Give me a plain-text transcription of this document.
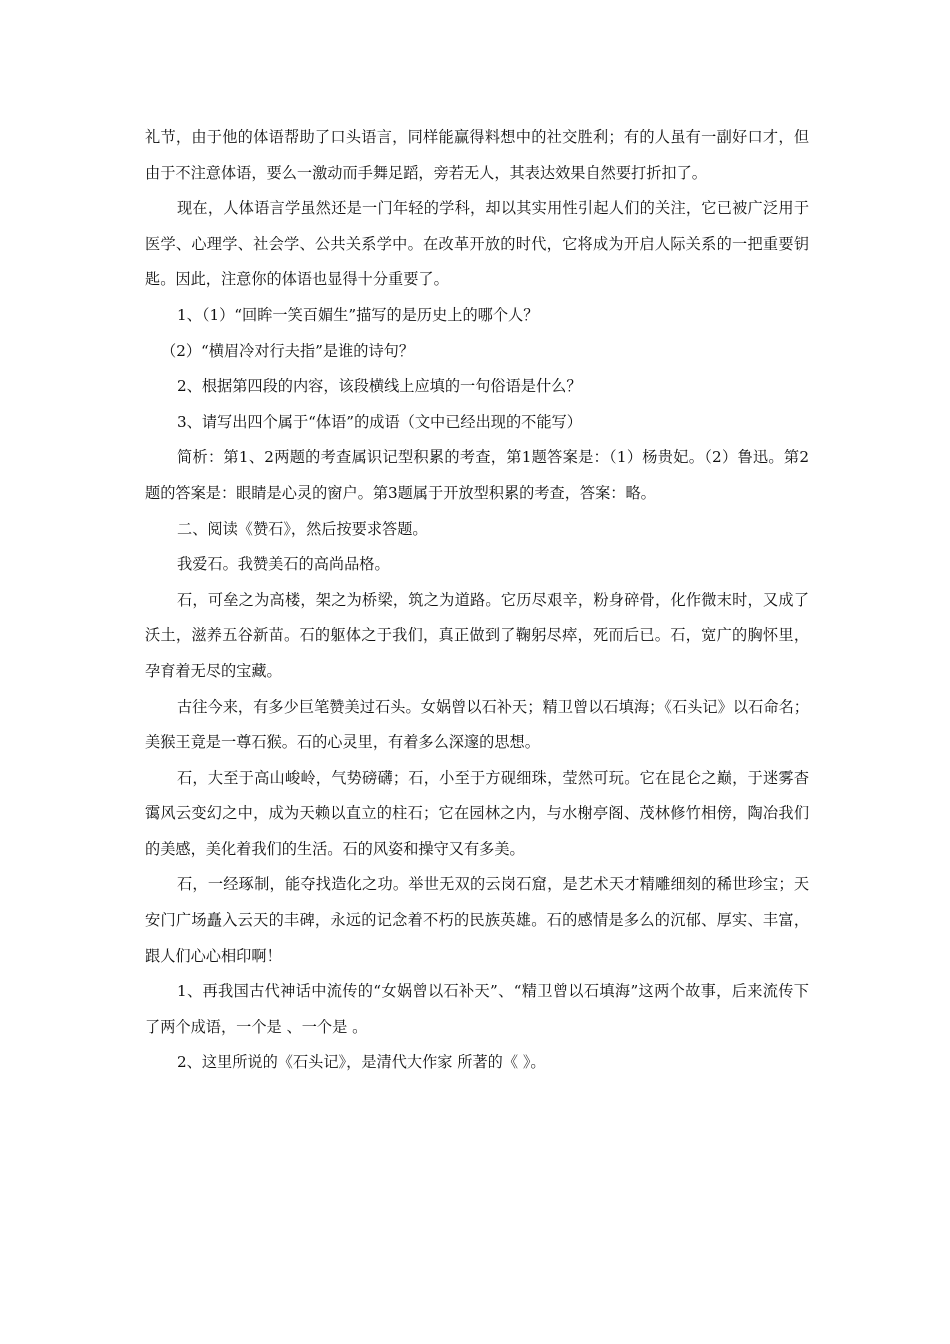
礼节，由于他的体语帮助了口头语言，同样能赢得料想中的社交胜利；有的人虽有一副好口才，但由于不注意体语，要么一激动而手舞足蹈，旁若无人，其表达效果自然要打折扣了。

现在，人体语言学虽然还是一门年轻的学科，却以其实用性引起人们的关注，它已被广泛用于医学、心理学、社会学、公共关系学中。在改革开放的时代，它将成为开启人际关系的一把重要钥匙。因此，注意你的体语也显得十分重要了。

1、（1）“回眸一笑百媚生”描写的是历史上的哪个人？

（2）“横眉冷对行夫指”是谁的诗句？

2、根据第四段的内容，该段横线上应填的一句俗语是什么？

3、请写出四个属于“体语”的成语（文中已经出现的不能写）

简析：第1、2两题的考查属识记型积累的考查，第1题答案是：（1）杨贵妃。（2）鲁迅。第2题的答案是：眼睛是心灵的窗户。第3题属于开放型积累的考查，答案：略。

二、阅读《赞石》，然后按要求答题。

我爱石。我赞美石的高尚品格。

石，可垒之为高楼，架之为桥梁，筑之为道路。它历尽艰辛，粉身碎骨，化作微末时，又成了沃土，滋养五谷新苗。石的躯体之于我们，真正做到了鞠躬尽瘁，死而后已。石，宽广的胸怀里，孕育着无尽的宝藏。

古往今来，有多少巨笔赞美过石头。女娲曾以石补天；精卫曾以石填海；《石头记》以石命名；美猴王竟是一尊石猴。石的心灵里，有着多么深邃的思想。

石，大至于高山峻岭，气势磅礴；石，小至于方砚细珠，莹然可玩。它在昆仑之巅，于迷雾杳霭风云变幻之中，成为天赖以直立的柱石；它在园林之内，与水榭亭阁、茂林修竹相傍，陶冶我们的美感，美化着我们的生活。石的风姿和操守又有多美。

石，一经琢制，能夺找造化之功。举世无双的云岗石窟，是艺术天才精雕细刻的稀世珍宝；天安门广场矗入云天的丰碑，永远的记念着不朽的民族英雄。石的感情是多么的沉郁、厚实、丰富，跟人们心心相印啊！

1、再我国古代神话中流传的“女娲曾以石补天”、“精卫曾以石填海”这两个故事，后来流传下了两个成语，一个是 、一个是 。

2、这里所说的《石头记》，是清代大作家 所著的《 》。
